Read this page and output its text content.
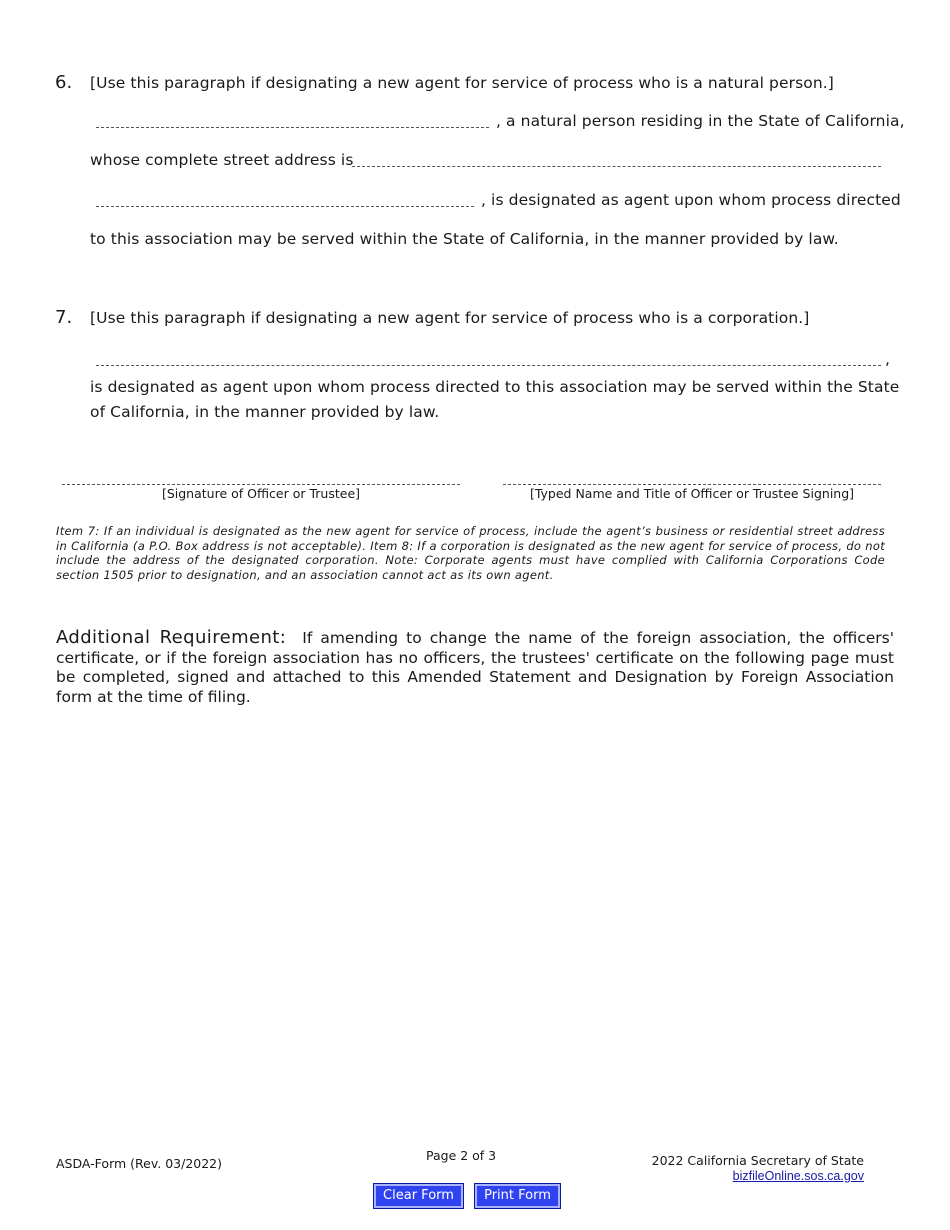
6. [Use this paragraph if designating a new agent for service of process who is a natural person.]
, a natural person residing in the State of California,
whose complete street address is
, is designated as agent upon whom process directed
to this association may be served within the State of California, in the manner provided by law.
7. [Use this paragraph if designating a new agent for service of process who is a corporation.]
,
is designated as agent upon whom process directed to this association may be served within the State
of California, in the manner provided by law.
[Signature of Officer or Trustee]	[Typed Name and Title of Officer or Trustee Signing]
Item 7: If an individual is designated as the new agent for service of process, include the agent’s business or residential street address in California (a P.O. Box address is not acceptable). Item 8: If a corporation is designated as the new agent for service of process, do not include the address of the designated corporation. Note: Corporate agents must have complied with California Corporations Code section 1505 prior to designation, and an association cannot act as its own agent.
Additional Requirement: If amending to change the name of the foreign association, the officers' certificate, or if the foreign association has no officers, the trustees' certificate on the following page must be completed, signed and attached to this Amended Statement and Designation by Foreign Association form at the time of filing.
ASDA-Form (Rev. 03/2022)
Page 2 of 3	2022 California Secretary of State
bizfileOnline.sos.ca.gov
Clear Form	Print Form
